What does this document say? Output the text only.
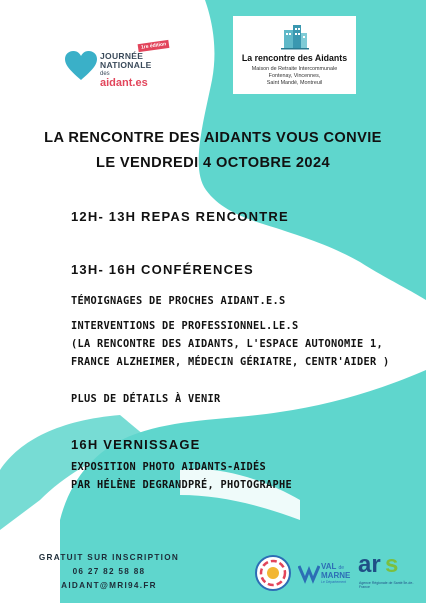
1re édition
JOURNÉE
NATIONALE
des
aidant.es
La rencontre des Aidants
Maison de Retraite Intercommunale
Fontenay, Vincennes,
Saint Mandé, Montreuil
LA RENCONTRE DES AIDANTS VOUS CONVIE
LE VENDREDI 4 OCTOBRE 2024
12H- 13H REPAS RENCONTRE
13H- 16H CONFÉRENCES
TÉMOIGNAGES DE PROCHES AIDANT.E.S
INTERVENTIONS DE PROFESSIONNEL.LE.S
(LA RENCONTRE DES AIDANTS, L'ESPACE AUTONOMIE 1,
FRANCE ALZHEIMER, MÉDECIN GÉRIATRE, CENTR'AIDER )
PLUS DE DÉTAILS À VENIR
16H VERNISSAGE
EXPOSITION PHOTO AIDANTS-AIDÉS
PAR HÉLÈNE DEGRANDPRÉ, PHOTOGRAPHE
GRATUIT SUR INSCRIPTION
06 27 82 58 88
AIDANT@MRI94.FR
VAL de
MARNE
Le Département
ar s
Agence Régionale de Santé Île-de-France
